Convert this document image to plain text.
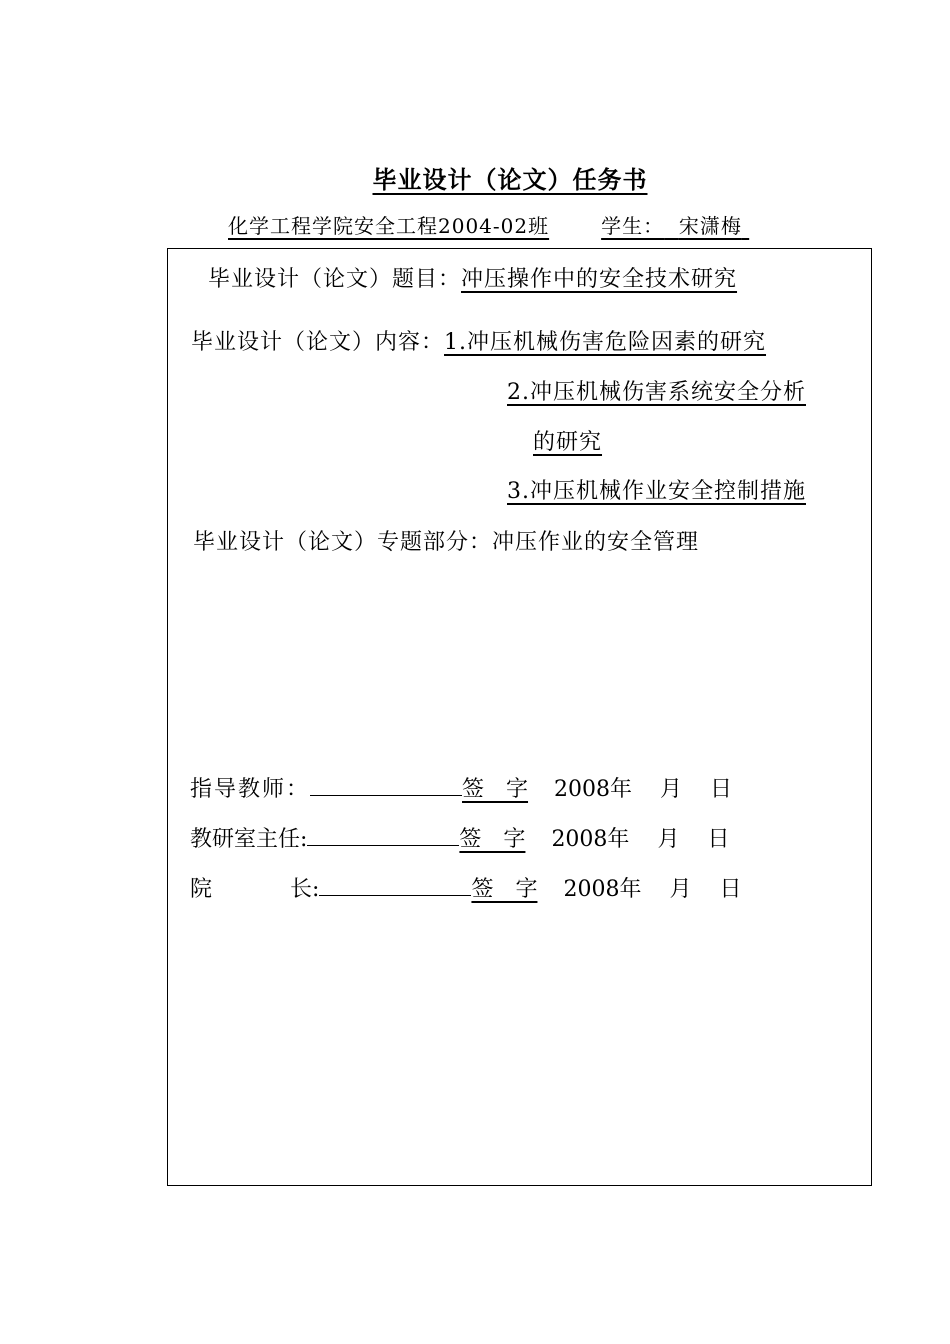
毕业设计（论文）任务书
化学工程学院安全工程2004-02班	学生： 宋潇梅
毕业设计（论文）题目：冲压操作中的安全技术研究
毕业设计（论文）内容：1.冲压机械伤害危险因素的研究
2.冲压机械伤害系统安全分析
的研究
3.冲压机械作业安全控制措施
毕业设计（论文）专题部分：冲压作业的安全管理
指导教师：	签　字 2008年 月 日
教研室主任:	签　字 2008年 月 日
院	长:	签　字 2008年 月 日
